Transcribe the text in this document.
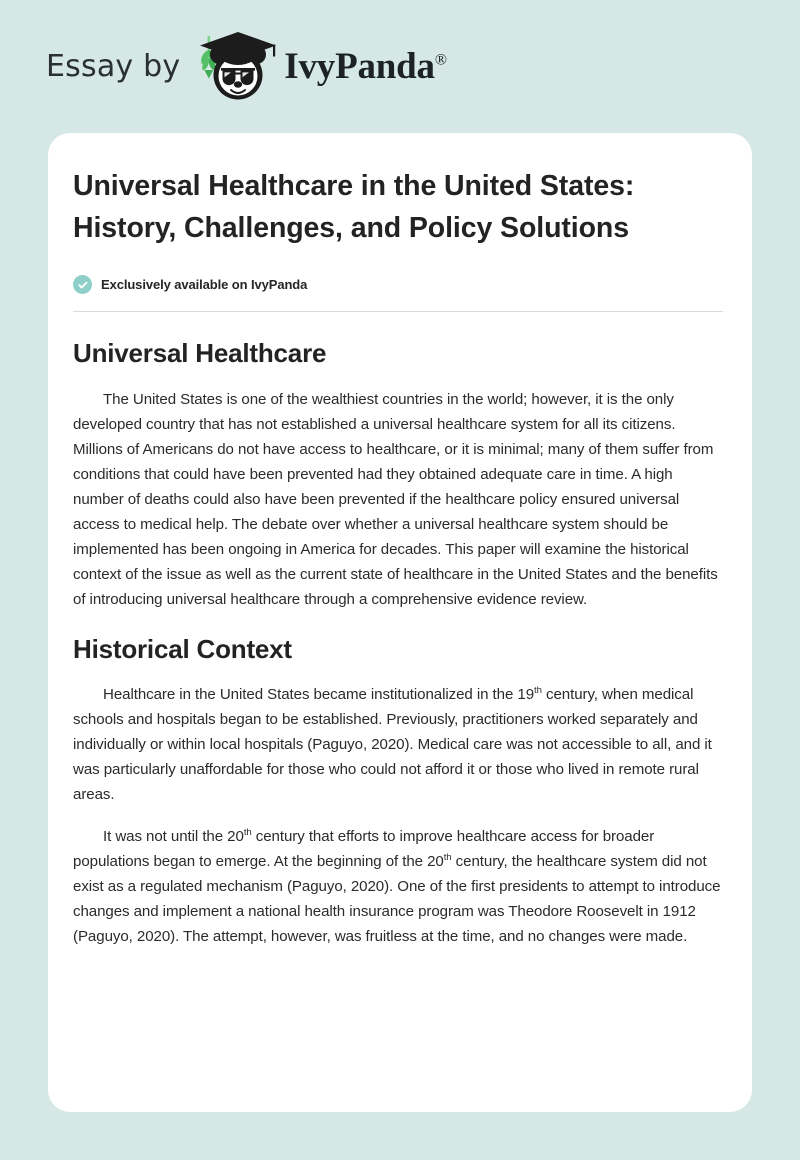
Essay by	IvyPanda®
Universal Healthcare in the United States: History, Challenges, and Policy Solutions
Exclusively available on IvyPanda
Universal Healthcare

The United States is one of the wealthiest countries in the world; however, it is the only developed country that has not established a universal healthcare system for all its citizens. Millions of Americans do not have access to healthcare, or it is minimal; many of them suffer from conditions that could have been prevented had they obtained adequate care in time. A high number of deaths could also have been prevented if the healthcare policy ensured universal access to medical help. The debate over whether a universal healthcare system should be implemented has been ongoing in America for decades. This paper will examine the historical context of the issue as well as the current state of healthcare in the United States and the benefits of introducing universal healthcare through a comprehensive evidence review.

Historical Context

Healthcare in the United States became institutionalized in the 19th century, when medical schools and hospitals began to be established. Previously, practitioners worked separately and individually or within local hospitals (Paguyo, 2020). Medical care was not accessible to all, and it was particularly unaffordable for those who could not afford it or those who lived in remote rural areas.

It was not until the 20th century that efforts to improve healthcare access for broader populations began to emerge. At the beginning of the 20th century, the healthcare system did not exist as a regulated mechanism (Paguyo, 2020). One of the first presidents to attempt to introduce changes and implement a national health insurance program was Theodore Roosevelt in 1912 (Paguyo, 2020). The attempt, however, was fruitless at the time, and no changes were made.
